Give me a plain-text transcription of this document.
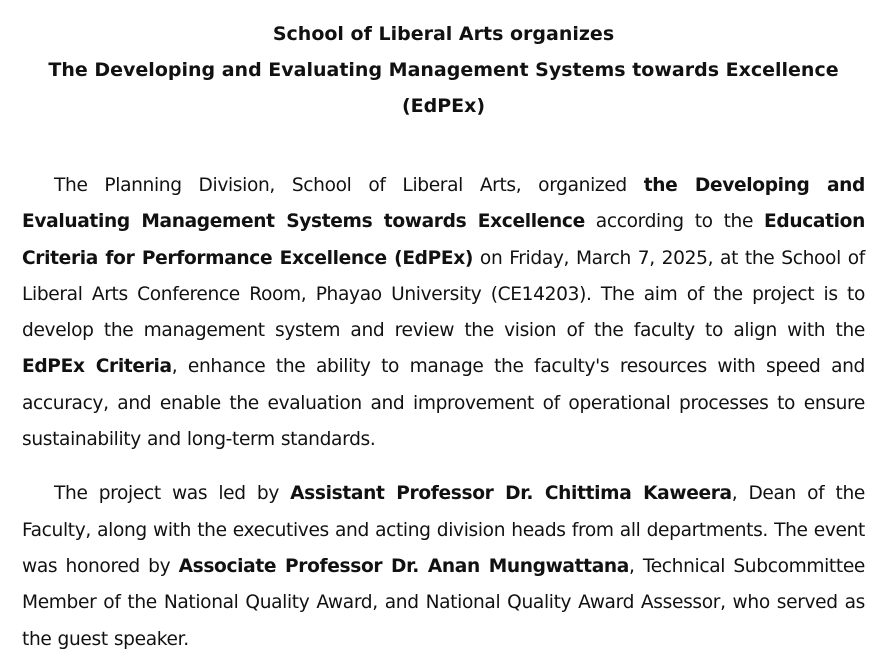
School of Liberal Arts organizes
The Developing and Evaluating Management Systems towards Excellence (EdPEx)

The Planning Division, School of Liberal Arts, organized the Developing and Evaluating Management Systems towards Excellence according to the Education Criteria for Performance Excellence (EdPEx) on Friday, March 7, 2025, at the School of Liberal Arts Conference Room, Phayao University (CE14203). The aim of the project is to develop the management system and review the vision of the faculty to align with the EdPEx Criteria, enhance the ability to manage the faculty's resources with speed and accuracy, and enable the evaluation and improvement of operational processes to ensure sustainability and long-term standards.

The project was led by Assistant Professor Dr. Chittima Kaweera, Dean of the Faculty, along with the executives and acting division heads from all departments. The event was honored by Associate Professor Dr. Anan Mungwattana, Technical Subcommittee Member of the National Quality Award, and National Quality Award Assessor, who served as the guest speaker.
